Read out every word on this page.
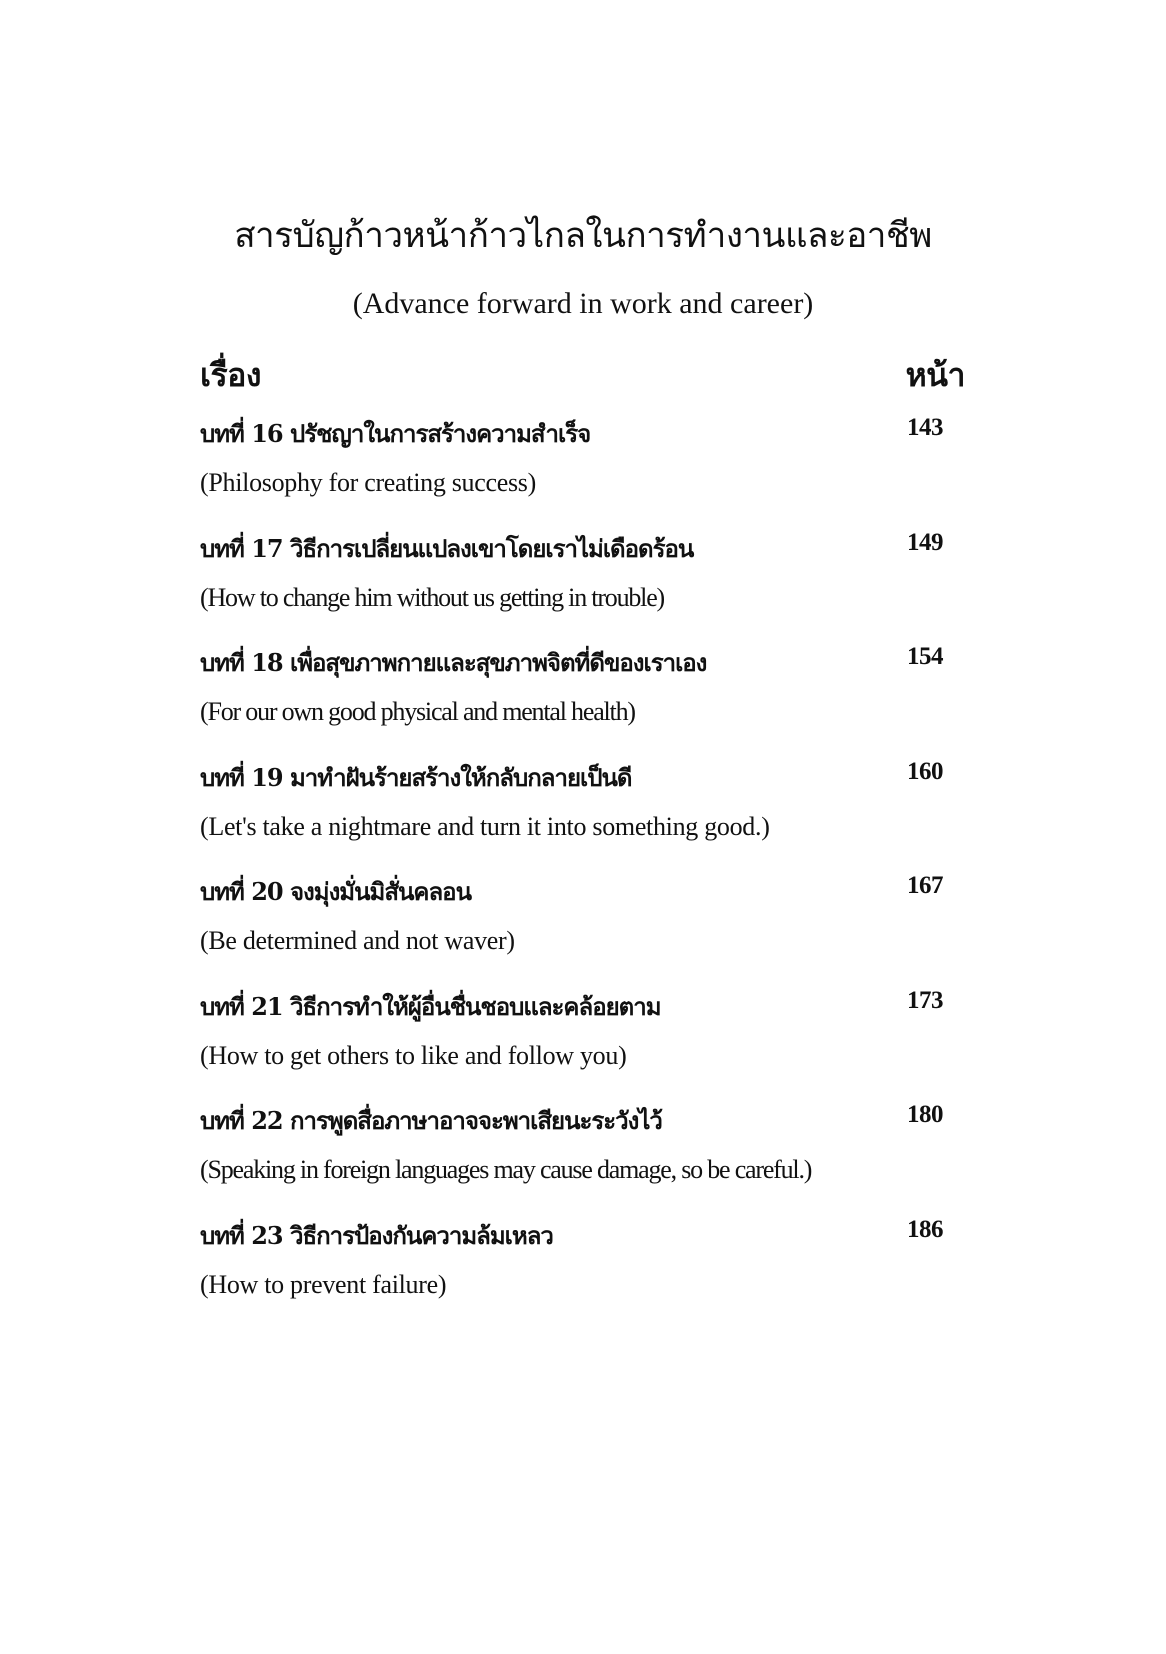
สารบัญก้าวหน้าก้าวไกลในการทำงานและอาชีพ
(Advance forward in work and career)
เรื่อง	หน้า
บทที่ 16 ปรัชญาในการสร้างความสำเร็จ	143
(Philosophy for creating success)
บทที่ 17 วิธีการเปลี่ยนแปลงเขาโดยเราไม่เดือดร้อน	149
(How to change him without us getting in trouble)
บทที่ 18 เพื่อสุขภาพกายและสุขภาพจิตที่ดีของเราเอง	154
(For our own good physical and mental health)
บทที่ 19 มาทำฝันร้ายสร้างให้กลับกลายเป็นดี	160
(Let's take a nightmare and turn it into something good.)
บทที่ 20 จงมุ่งมั่นมิสั่นคลอน	167
(Be determined and not waver)
บทที่ 21 วิธีการทำให้ผู้อื่นชื่นชอบและคล้อยตาม	173
(How to get others to like and follow you)
บทที่ 22 การพูดสื่อภาษาอาจจะพาเสียนะระวังไว้	180
(Speaking in foreign languages may cause damage, so be careful.)
บทที่ 23 วิธีการป้องกันความล้มเหลว	186
(How to prevent failure)
